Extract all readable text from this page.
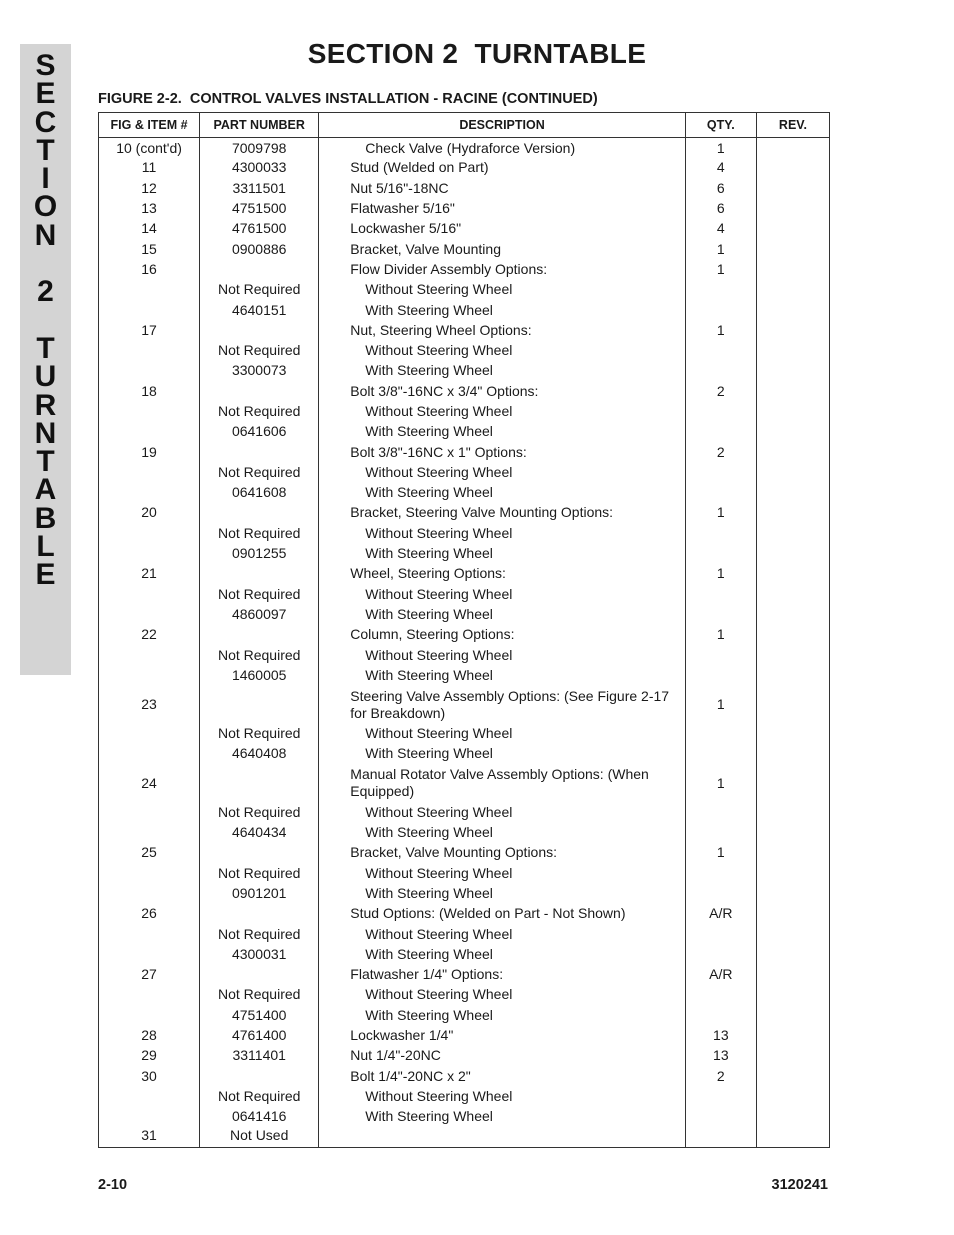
S
E
C
T
I
O
N
2
T
U
R
N
T
A
B
L
E
SECTION 2  TURNTABLE
FIGURE 2-2.  CONTROL VALVES INSTALLATION - RACINE (CONTINUED)
FIG & ITEM #	PART NUMBER	DESCRIPTION	QTY.	REV.
10 (cont'd)	7009798	Check Valve (Hydraforce Version)	1	
11	4300033	Stud (Welded on Part)	4	
12	3311501	Nut 5/16"-18NC	6	
13	4751500	Flatwasher 5/16"	6	
14	4761500	Lockwasher 5/16"	4	
15	0900886	Bracket, Valve Mounting	1	
16		Flow Divider Assembly Options:	1	
	Not Required	Without Steering Wheel		
	4640151	With Steering Wheel		
17		Nut, Steering Wheel Options:	1	
	Not Required	Without Steering Wheel		
	3300073	With Steering Wheel		
18		Bolt 3/8"-16NC x 3/4" Options:	2	
	Not Required	Without Steering Wheel		
	0641606	With Steering Wheel		
19		Bolt 3/8"-16NC x 1" Options:	2	
	Not Required	Without Steering Wheel		
	0641608	With Steering Wheel		
20		Bracket, Steering Valve Mounting Options:	1	
	Not Required	Without Steering Wheel		
	0901255	With Steering Wheel		
21		Wheel, Steering Options:	1	
	Not Required	Without Steering Wheel		
	4860097	With Steering Wheel		
22		Column, Steering Options:	1	
	Not Required	Without Steering Wheel		
	1460005	With Steering Wheel		
23		Steering Valve Assembly Options: (See Figure 2-17 for Breakdown)	1	
	Not Required	Without Steering Wheel		
	4640408	With Steering Wheel		
24		Manual Rotator Valve Assembly Options: (When Equipped)	1	
	Not Required	Without Steering Wheel		
	4640434	With Steering Wheel		
25		Bracket, Valve Mounting Options:	1	
	Not Required	Without Steering Wheel		
	0901201	With Steering Wheel		
26		Stud Options: (Welded on Part - Not Shown)	A/R	
	Not Required	Without Steering Wheel		
	4300031	With Steering Wheel		
27		Flatwasher 1/4" Options:	A/R	
	Not Required	Without Steering Wheel		
	4751400	With Steering Wheel		
28	4761400	Lockwasher 1/4"	13	
29	3311401	Nut 1/4"-20NC	13	
30		Bolt 1/4"-20NC x 2"	2	
	Not Required	Without Steering Wheel		
	0641416	With Steering Wheel		
31	Not Used			
2-10	3120241
